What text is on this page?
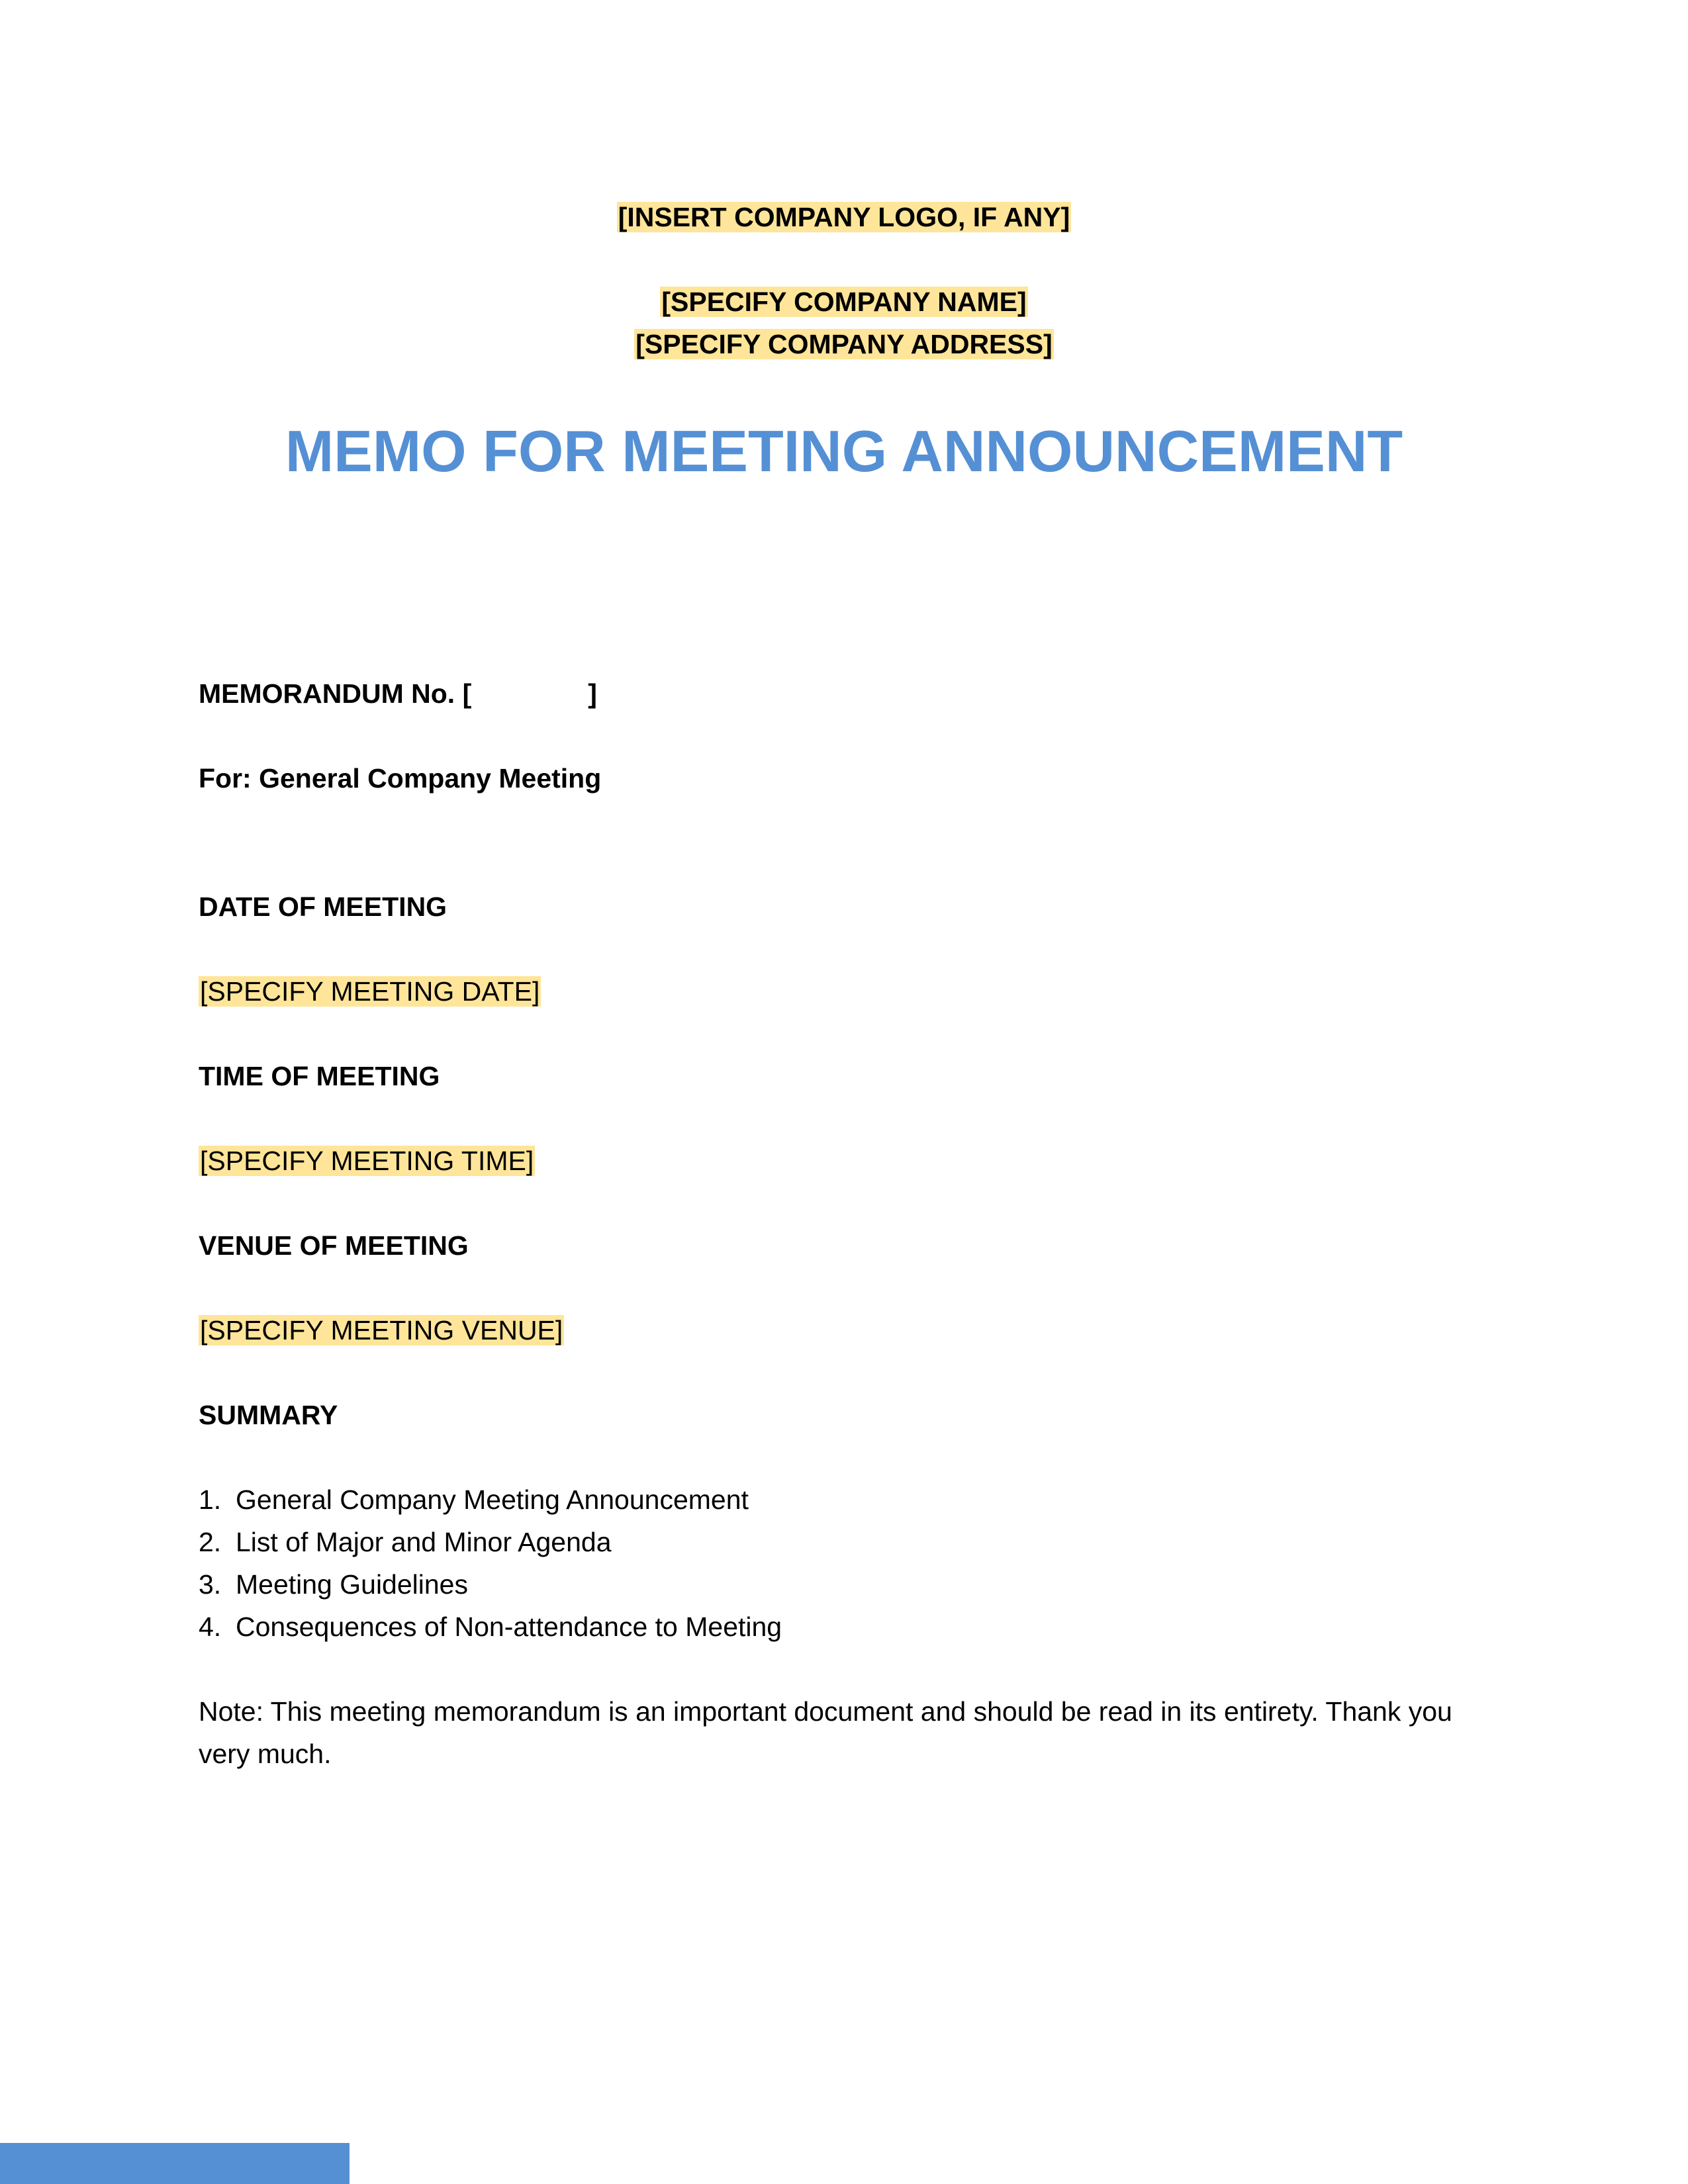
[INSERT COMPANY LOGO, IF ANY]
[SPECIFY COMPANY NAME]
[SPECIFY COMPANY ADDRESS]
MEMO FOR MEETING ANNOUNCEMENT
MEMORANDUM No. [	]
For: General Company Meeting
DATE OF MEETING
[SPECIFY MEETING DATE]
TIME OF MEETING
[SPECIFY MEETING TIME]
VENUE OF MEETING
[SPECIFY MEETING VENUE]
SUMMARY
1. General Company Meeting Announcement
2. List of Major and Minor Agenda
3. Meeting Guidelines
4. Consequences of Non-attendance to Meeting
Note: This meeting memorandum is an important document and should be read in its entirety. Thank you very much.
